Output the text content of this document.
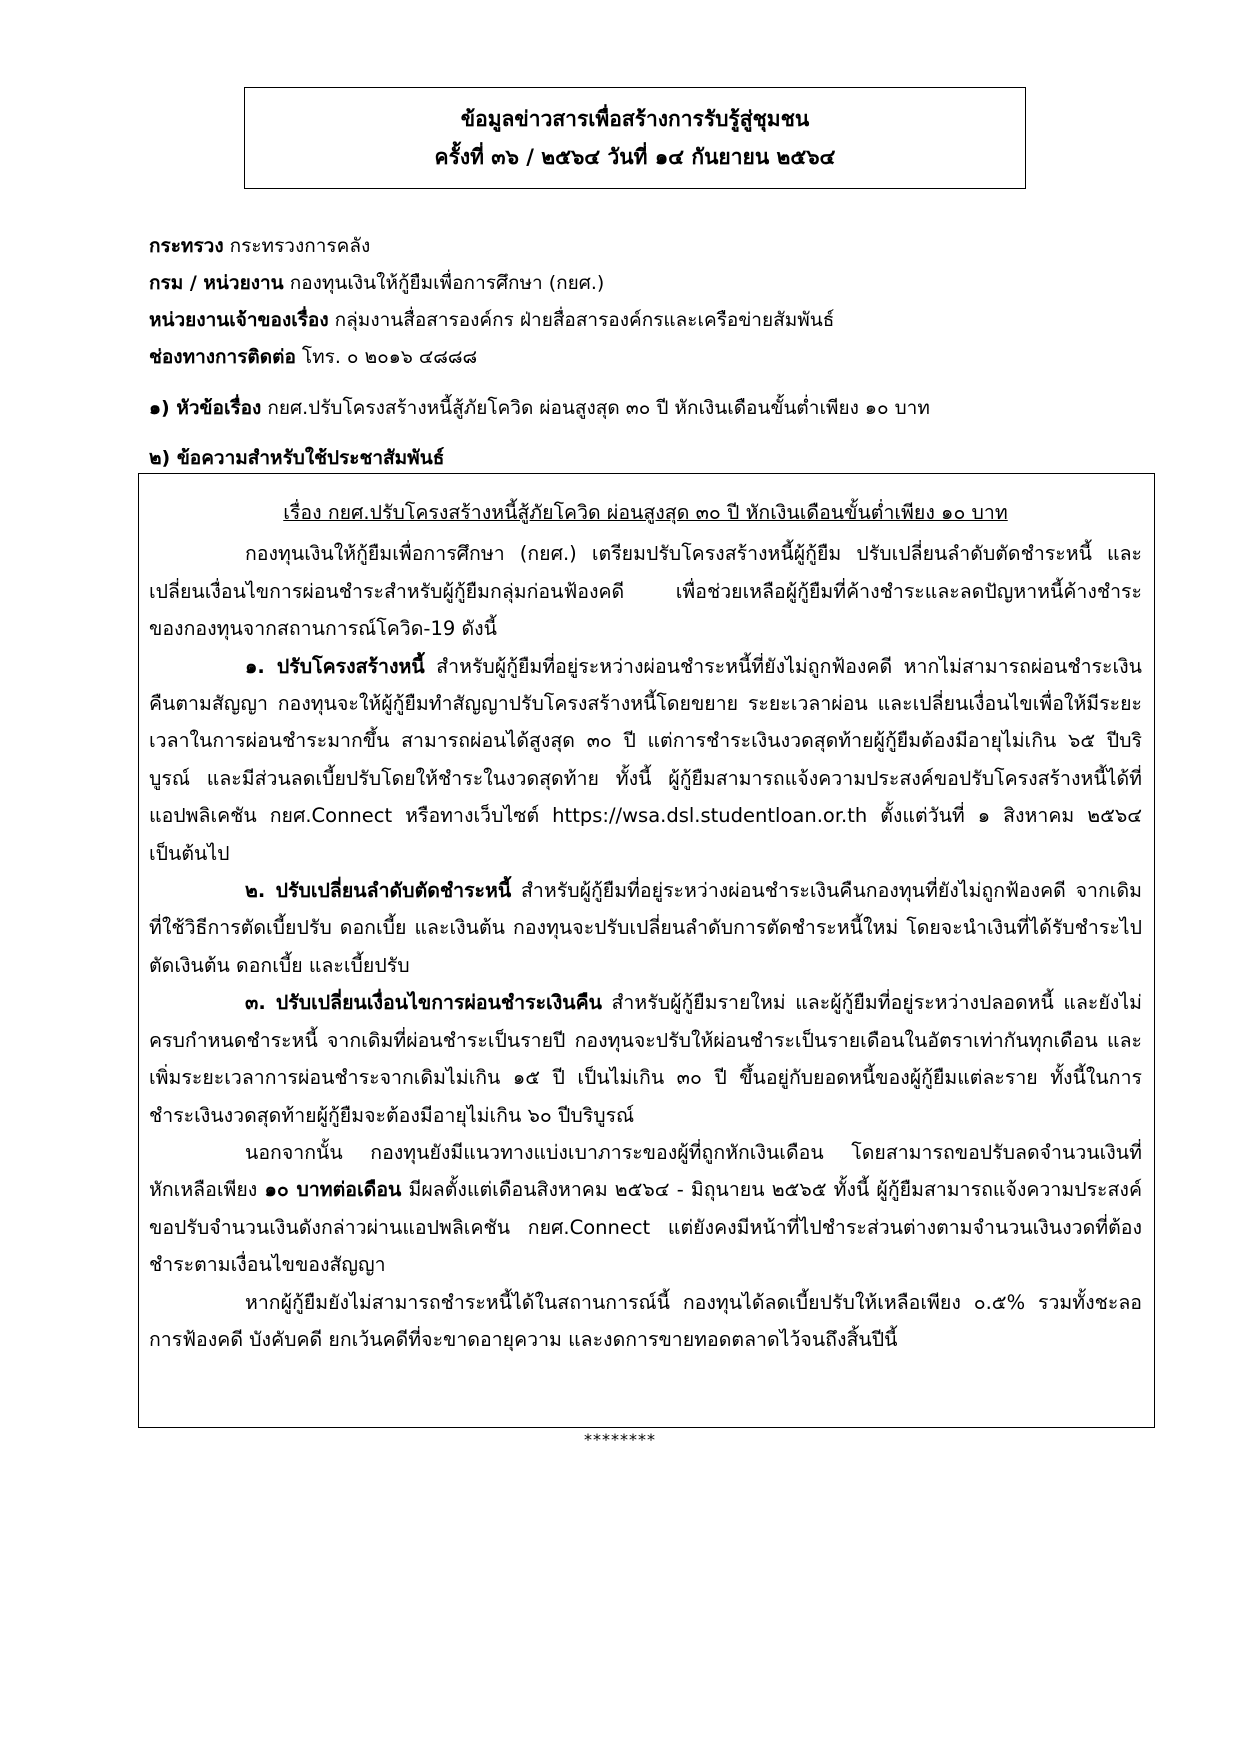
ข้อมูลข่าวสารเพื่อสร้างการรับรู้สู่ชุมชน
ครั้งที่ ๓๖ / ๒๕๖๔ วันที่ ๑๔ กันยายน ๒๕๖๔
กระทรวง กระทรวงการคลัง
กรม / หน่วยงาน กองทุนเงินให้กู้ยืมเพื่อการศึกษา (กยศ.)
หน่วยงานเจ้าของเรื่อง กลุ่มงานสื่อสารองค์กร ฝ่ายสื่อสารองค์กรและเครือข่ายสัมพันธ์
ช่องทางการติดต่อ โทร. ๐ ๒๐๑๖ ๔๘๘๘
๑) หัวข้อเรื่อง กยศ.ปรับโครงสร้างหนี้สู้ภัยโควิด ผ่อนสูงสุด ๓๐ ปี หักเงินเดือนขั้นต่ำเพียง ๑๐ บาท
๒) ข้อความสำหรับใช้ประชาสัมพันธ์
เรื่อง กยศ.ปรับโครงสร้างหนี้สู้ภัยโควิด ผ่อนสูงสุด ๓๐ ปี หักเงินเดือนขั้นต่ำเพียง ๑๐ บาท

กองทุนเงินให้กู้ยืมเพื่อการศึกษา (กยศ.) เตรียมปรับโครงสร้างหนี้ผู้กู้ยืม ปรับเปลี่ยนลำดับตัดชำระหนี้ และเปลี่ยนเงื่อนไขการผ่อนชำระสำหรับผู้กู้ยืมกลุ่มก่อนฟ้องคดี เพื่อช่วยเหลือผู้กู้ยืมที่ค้างชำระและลดปัญหาหนี้ค้างชำระของกองทุนจากสถานการณ์โควิด-19 ดังนี้

๑. ปรับโครงสร้างหนี้ สำหรับผู้กู้ยืมที่อยู่ระหว่างผ่อนชำระหนี้ที่ยังไม่ถูกฟ้องคดี หากไม่สามารถผ่อนชำระเงินคืนตามสัญญา กองทุนจะให้ผู้กู้ยืมทำสัญญาปรับโครงสร้างหนี้โดยขยาย ระยะเวลาผ่อน และเปลี่ยนเงื่อนไขเพื่อให้มีระยะเวลาในการผ่อนชำระมากขึ้น สามารถผ่อนได้สูงสุด ๓๐ ปี แต่การชำระเงินงวดสุดท้ายผู้กู้ยืมต้องมีอายุไม่เกิน ๖๕ ปีบริบูรณ์ และมีส่วนลดเบี้ยปรับโดยให้ชำระในงวดสุดท้าย ทั้งนี้ ผู้กู้ยืมสามารถแจ้งความประสงค์ขอปรับโครงสร้างหนี้ได้ที่แอปพลิเคชัน กยศ.Connect หรือทางเว็บไซต์ https://wsa.dsl.studentloan.or.th ตั้งแต่วันที่ ๑ สิงหาคม ๒๕๖๔ เป็นต้นไป

๒. ปรับเปลี่ยนลำดับตัดชำระหนี้ สำหรับผู้กู้ยืมที่อยู่ระหว่างผ่อนชำระเงินคืนกองทุนที่ยังไม่ถูกฟ้องคดี จากเดิมที่ใช้วิธีการตัดเบี้ยปรับ ดอกเบี้ย และเงินต้น กองทุนจะปรับเปลี่ยนลำดับการตัดชำระหนี้ใหม่ โดยจะนำเงินที่ได้รับชำระไปตัดเงินต้น ดอกเบี้ย และเบี้ยปรับ

๓. ปรับเปลี่ยนเงื่อนไขการผ่อนชำระเงินคืน สำหรับผู้กู้ยืมรายใหม่ และผู้กู้ยืมที่อยู่ระหว่างปลอดหนี้ และยังไม่ครบกำหนดชำระหนี้ จากเดิมที่ผ่อนชำระเป็นรายปี กองทุนจะปรับให้ผ่อนชำระเป็นรายเดือนในอัตราเท่ากันทุกเดือน และเพิ่มระยะเวลาการผ่อนชำระจากเดิมไม่เกิน ๑๕ ปี เป็นไม่เกิน ๓๐ ปี ขึ้นอยู่กับยอดหนี้ของผู้กู้ยืมแต่ละราย ทั้งนี้ในการชำระเงินงวดสุดท้ายผู้กู้ยืมจะต้องมีอายุไม่เกิน ๖๐ ปีบริบูรณ์

นอกจากนั้น กองทุนยังมีแนวทางแบ่งเบาภาระของผู้ที่ถูกหักเงินเดือน โดยสามารถขอปรับลดจำนวนเงินที่หักเหลือเพียง ๑๐ บาทต่อเดือน มีผลตั้งแต่เดือนสิงหาคม ๒๕๖๔ - มิถุนายน ๒๕๖๕ ทั้งนี้ ผู้กู้ยืมสามารถแจ้งความประสงค์ขอปรับจำนวนเงินดังกล่าวผ่านแอปพลิเคชัน กยศ.Connect แต่ยังคงมีหน้าที่ไปชำระส่วนต่างตามจำนวนเงินงวดที่ต้องชำระตามเงื่อนไขของสัญญา

หากผู้กู้ยืมยังไม่สามารถชำระหนี้ได้ในสถานการณ์นี้ กองทุนได้ลดเบี้ยปรับให้เหลือเพียง ๐.๕% รวมทั้งชะลอการฟ้องคดี บังคับคดี ยกเว้นคดีที่จะขาดอายุความ และงดการขายทอดตลาดไว้จนถึงสิ้นปีนี้

********
